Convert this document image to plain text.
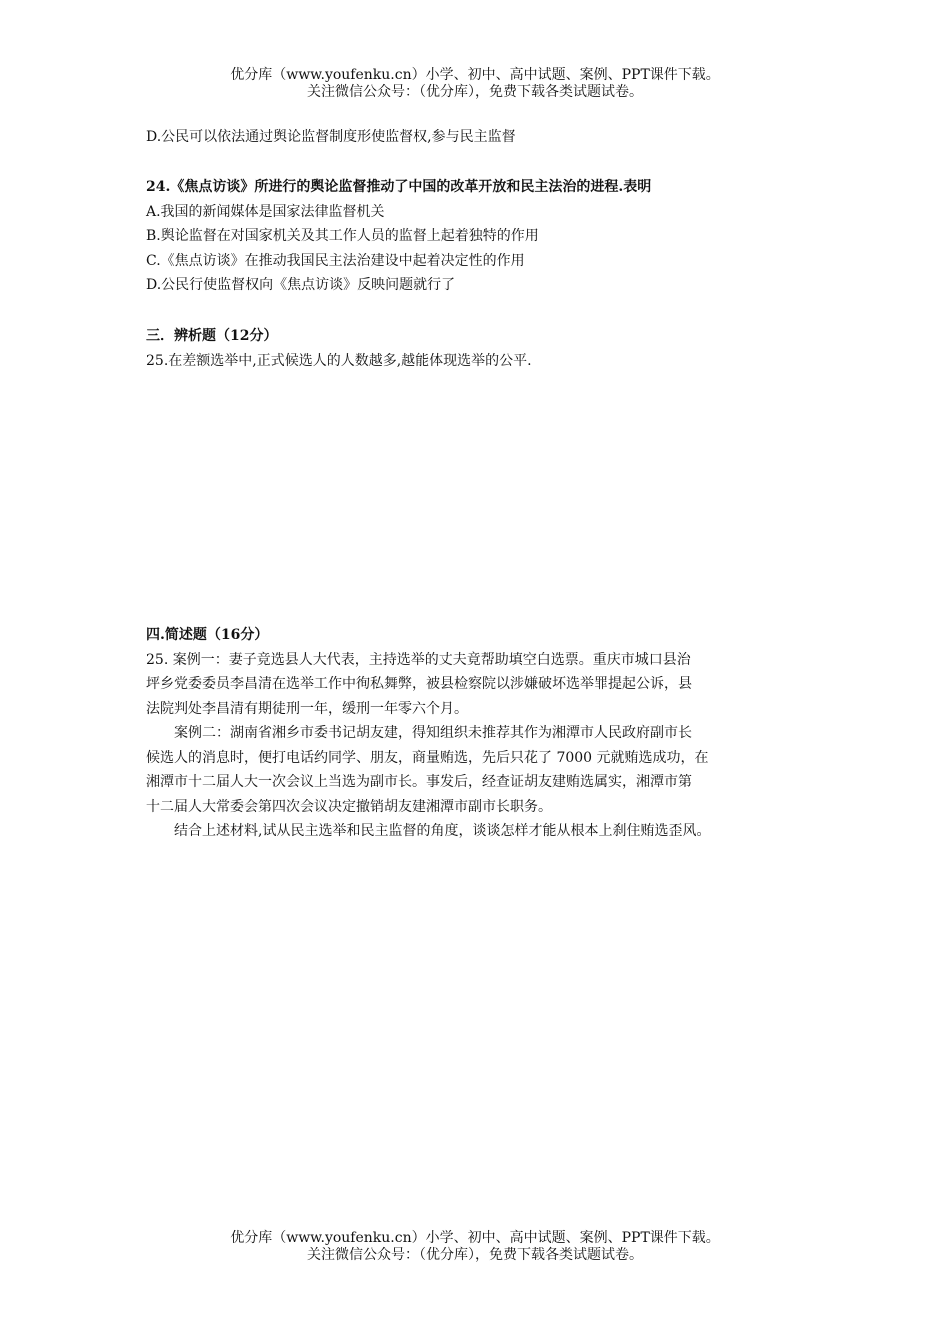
优分库（www.youfenku.cn）小学、初中、高中试题、案例、PPT课件下载。
关注微信公众号：（优分库），免费下载各类试题试卷。

D.公民可以依法通过舆论监督制度形使监督权,参与民主监督

24.《焦点访谈》所进行的舆论监督推动了中国的改革开放和民主法治的进程.表明

A.我国的新闻媒体是国家法律监督机关

B.舆论监督在对国家机关及其工作人员的监督上起着独特的作用

C.《焦点访谈》在推动我国民主法治建设中起着决定性的作用

D.公民行使监督权向《焦点访谈》反映问题就行了

三．辨析题（12分）

25.在差额选举中,正式候选人的人数越多,越能体现选举的公平.

四.简述题（16分）

25. 案例一：妻子竞选县人大代表，主持选举的丈夫竟帮助填空白选票。重庆市城口县治

坪乡党委委员李昌清在选举工作中徇私舞弊，被县检察院以涉嫌破坏选举罪提起公诉，县

法院判处李昌清有期徒刑一年，缓刑一年零六个月。

案例二：湖南省湘乡市委书记胡友建，得知组织未推荐其作为湘潭市人民政府副市长

候选人的消息时，便打电话约同学、朋友，商量贿选，先后只花了 7000 元就贿选成功，在

湘潭市十二届人大一次会议上当选为副市长。事发后，经查证胡友建贿选属实，湘潭市第

十二届人大常委会第四次会议决定撤销胡友建湘潭市副市长职务。

结合上述材料,试从民主选举和民主监督的角度，谈谈怎样才能从根本上刹住贿选歪风。

优分库（www.youfenku.cn）小学、初中、高中试题、案例、PPT课件下载。
关注微信公众号：（优分库），免费下载各类试题试卷。
